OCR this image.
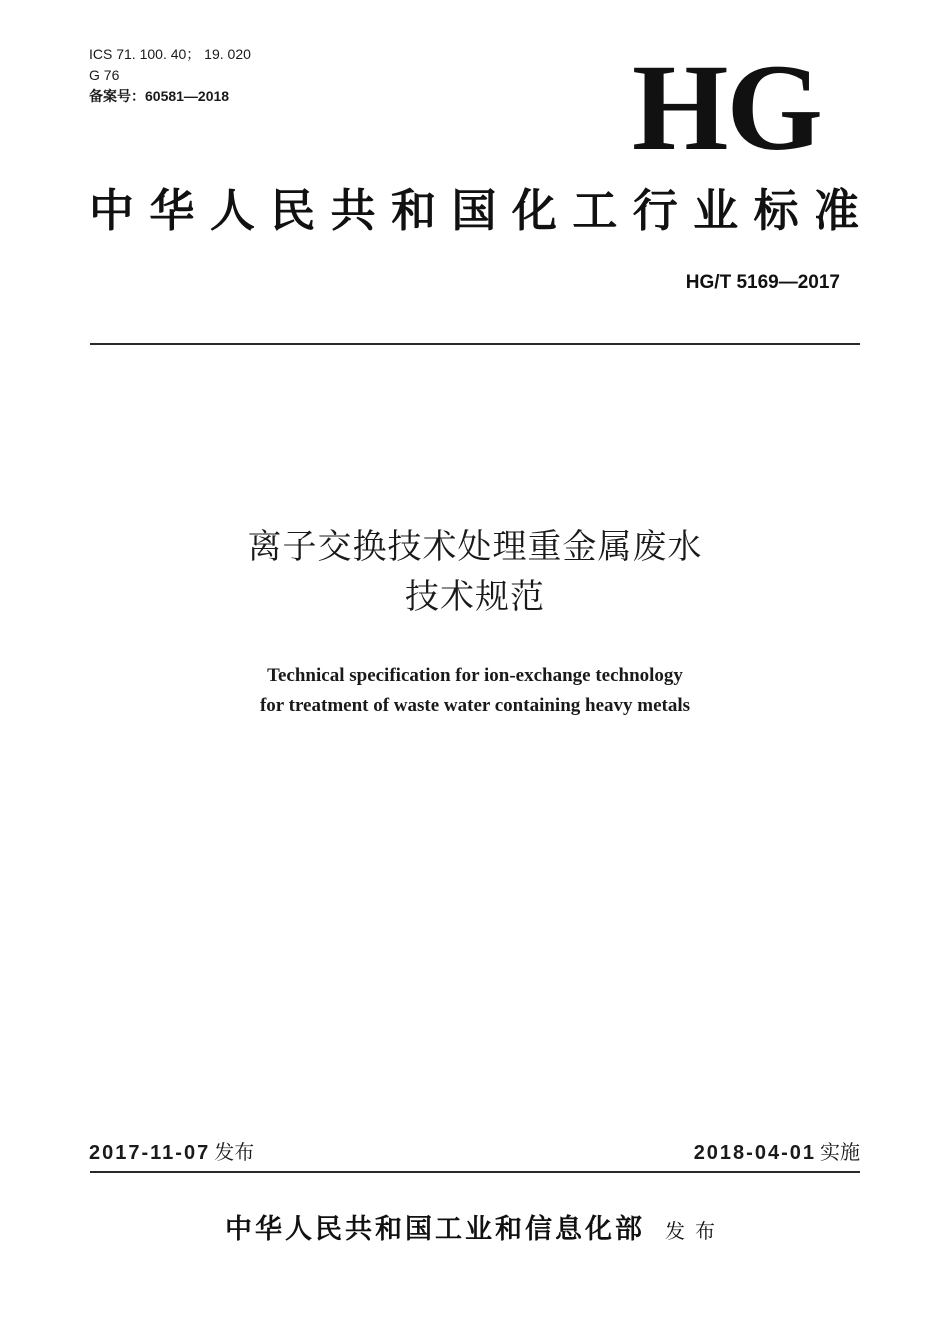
ICS 71. 100. 40； 19. 020
G 76
备案号：60581—2018	HG
中华人民共和国化工行业标准
HG/T 5169—2017
离子交换技术处理重金属废水
技术规范
Technical specification for ion-exchange technology
for treatment of waste water containing heavy metals
2017-11-07 发布	2018-04-01 实施
中华人民共和国工业和信息化部 发布
